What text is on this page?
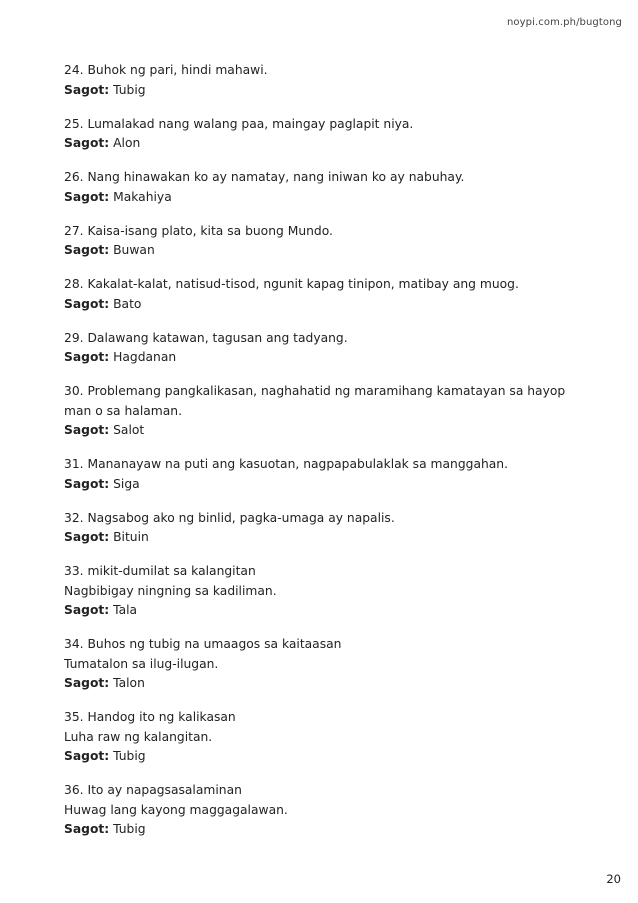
noypi.com.ph/bugtong
24. Buhok ng pari, hindi mahawi.
Sagot: Tubig
25. Lumalakad nang walang paa, maingay paglapit niya.
Sagot: Alon
26. Nang hinawakan ko ay namatay, nang iniwan ko ay nabuhay.
Sagot: Makahiya
27. Kaisa-isang plato, kita sa buong Mundo.
Sagot: Buwan
28. Kakalat-kalat, natisud-tisod, ngunit kapag tinipon, matibay ang muog.
Sagot: Bato
29. Dalawang katawan, tagusan ang tadyang.
Sagot: Hagdanan
30. Problemang pangkalikasan, naghahatid ng maramihang kamatayan sa hayop
man o sa halaman.
Sagot: Salot
31. Mananayaw na puti ang kasuotan, nagpapabulaklak sa manggahan.
Sagot: Siga
32. Nagsabog ako ng binlid, pagka-umaga ay napalis.
Sagot: Bituin
33. mikit-dumilat sa kalangitan
Nagbibigay ningning sa kadiliman.
Sagot: Tala
34. Buhos ng tubig na umaagos sa kaitaasan
Tumatalon sa ilug-ilugan.
Sagot: Talon
35. Handog ito ng kalikasan
Luha raw ng kalangitan.
Sagot: Tubig
36. Ito ay napagsasalaminan
Huwag lang kayong maggagalawan.
Sagot: Tubig
20
